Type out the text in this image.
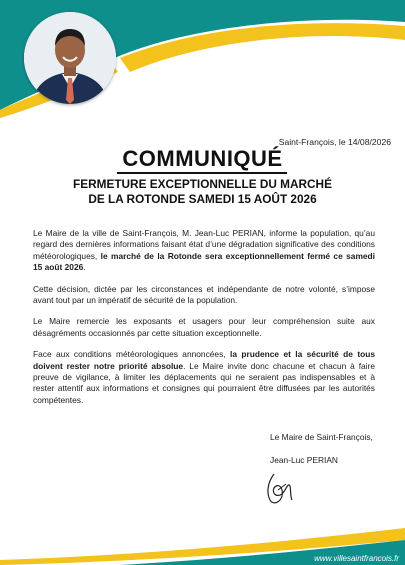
Saint-François, le 14/08/2026
COMMUNIQUÉ
FERMETURE EXCEPTIONNELLE DU MARCHÉ
DE LA ROTONDE SAMEDI 15 AOÛT 2026

Le Maire de la ville de Saint-François, M. Jean-Luc PERIAN, informe la population, qu’au regard des dernières informations faisant état d’une dégradation significative des conditions météorologiques, le marché de la Rotonde sera exceptionnellement fermé ce samedi 15 août 2026.

Cette décision, dictée par les circonstances et indépendante de notre volonté, s’impose avant tout par un impératif de sécurité de la population.

Le Maire remercie les exposants et usagers pour leur compréhension suite aux désagréments occasionnés par cette situation exceptionnelle.

Face aux conditions météorologiques annoncées, la prudence et la sécurité de tous doivent rester notre priorité absolue. Le Maire invite donc chacune et chacun à faire preuve de vigilance, à limiter les déplacements qui ne seraient pas indispensables et à rester attentif aux informations et consignes qui pourraient être diffusées par les autorités compétentes.

Le Maire de Saint-François,
Jean-Luc PERIAN
www.villesaintfrancois.fr
